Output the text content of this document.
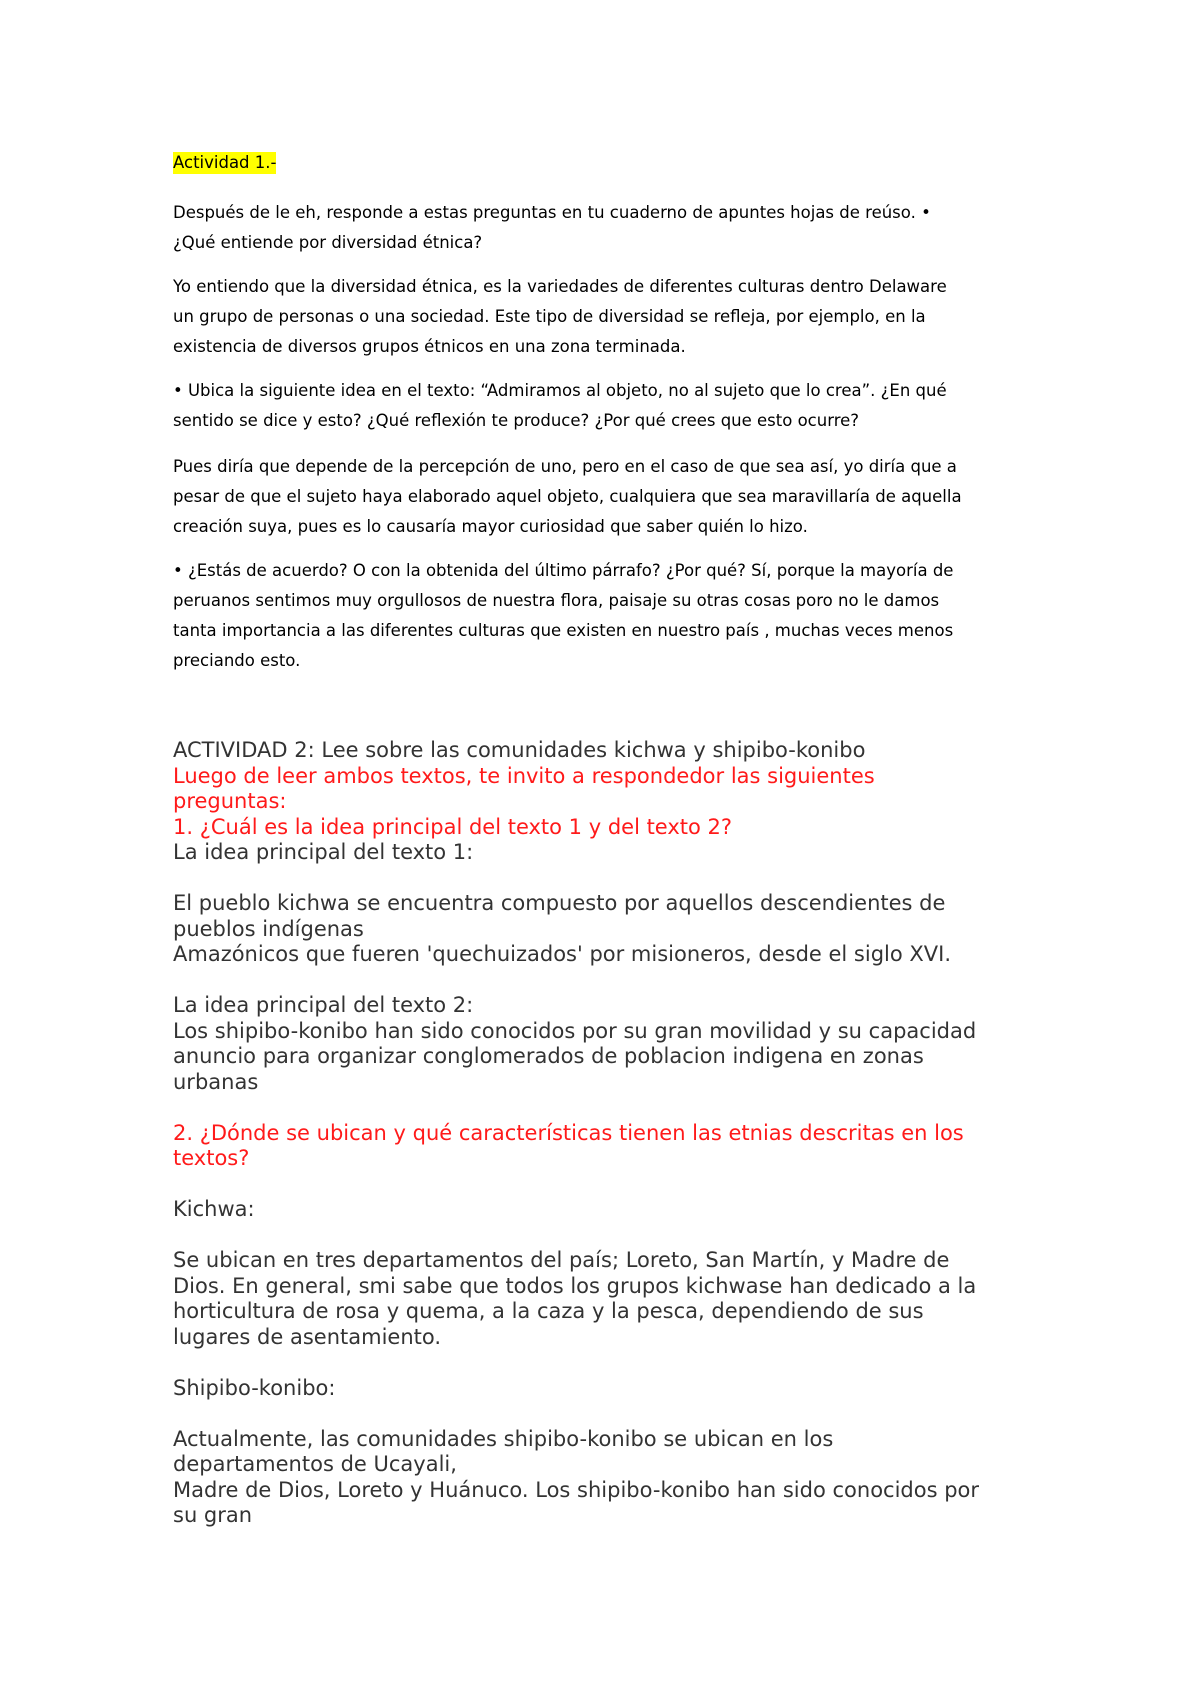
Actividad 1.-

Después de le eh, responde a estas preguntas en tu cuaderno de apuntes hojas de reúso. •

¿Qué entiende por diversidad étnica?

Yo entiendo que la diversidad étnica, es la variedades de diferentes culturas dentro Delaware

un grupo de personas o una sociedad. Este tipo de diversidad se refleja, por ejemplo, en la

existencia de diversos grupos étnicos en una zona terminada.

• Ubica la siguiente idea en el texto: “Admiramos al objeto, no al sujeto que lo crea”. ¿En qué

sentido se dice y esto? ¿Qué reflexión te produce? ¿Por qué crees que esto ocurre?

Pues diría que depende de la percepción de uno, pero en el caso de que sea así, yo diría que a

pesar de que el sujeto haya elaborado aquel objeto, cualquiera que sea maravillaría de aquella

creación suya, pues es lo causaría mayor curiosidad que saber quién lo hizo.

• ¿Estás de acuerdo? O con la obtenida del último párrafo? ¿Por qué? Sí, porque la mayoría de

peruanos sentimos muy orgullosos de nuestra flora, paisaje su otras cosas poro no le damos

tanta importancia a las diferentes culturas que existen en nuestro país , muchas veces menos

preciando esto.

ACTIVIDAD 2: Lee sobre las comunidades kichwa y shipibo-konibo

Luego de leer ambos textos, te invito a respondedor las siguientes

preguntas:

1. ¿Cuál es la idea principal del texto 1 y del texto 2?

La idea principal del texto 1:

El pueblo kichwa se encuentra compuesto por aquellos descendientes de

pueblos indígenas

Amazónicos que fueren 'quechuizados' por misioneros, desde el siglo XVI.

La idea principal del texto 2:

Los shipibo-konibo han sido conocidos por su gran movilidad y su capacidad

anuncio para organizar conglomerados de poblacion indigena en zonas

urbanas

2. ¿Dónde se ubican y qué características tienen las etnias descritas en los

textos?

Kichwa:

Se ubican en tres departamentos del país; Loreto, San Martín, y Madre de

Dios. En general, smi sabe que todos los grupos kichwase han dedicado a la

horticultura de rosa y quema, a la caza y la pesca, dependiendo de sus

lugares de asentamiento.

Shipibo-konibo:

Actualmente, las comunidades shipibo-konibo se ubican en los

departamentos de Ucayali,

Madre de Dios, Loreto y Huánuco. Los shipibo-konibo han sido conocidos por

su gran
